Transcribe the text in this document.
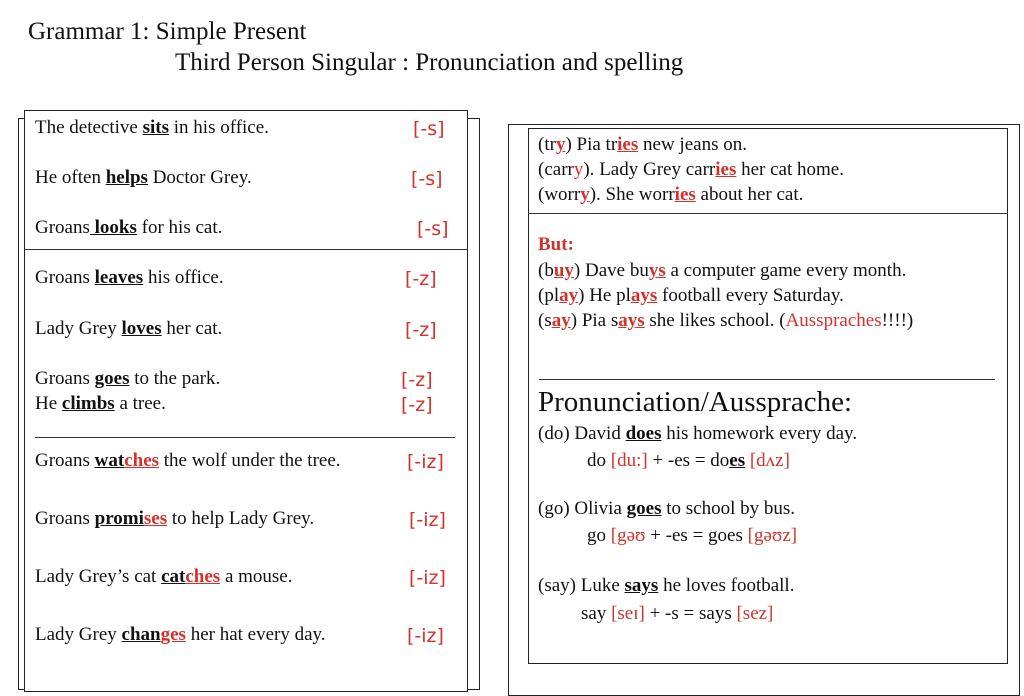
Grammar 1: Simple Present
Third Person Singular : Pronunciation and spelling
The detective sits in his office.	[-s]
He often helps Doctor Grey.	[-s]
Groans looks for his cat.	[-s]
Groans leaves his office.	[-z]
Lady Grey loves her cat.	[-z]
Groans goes to the park.	[-z]
He climbs a tree.	[-z]
Groans watches the wolf under the tree.	[-iz]
Groans promises to help Lady Grey.	[-iz]
Lady Grey’s cat catches a mouse.	[-iz]
Lady Grey changes her hat every day.	[-iz]
(try) Pia tries new jeans on.
(carry). Lady Grey carries her cat home.
(worry). She worries about her cat.
But:
(buy) Dave buys a computer game every month.
(play) He plays football every Saturday.
(say) Pia says she likes school. (Ausspraches!!!!)
Pronunciation/Aussprache:
(do) David does his homework every day.
do [du:] + -es = does [dʌz]
(go) Olivia goes to school by bus.
go [gəʊ + -es = goes [gəʊz]
(say) Luke says he loves football.
say [seɪ] + -s = says [sez]
